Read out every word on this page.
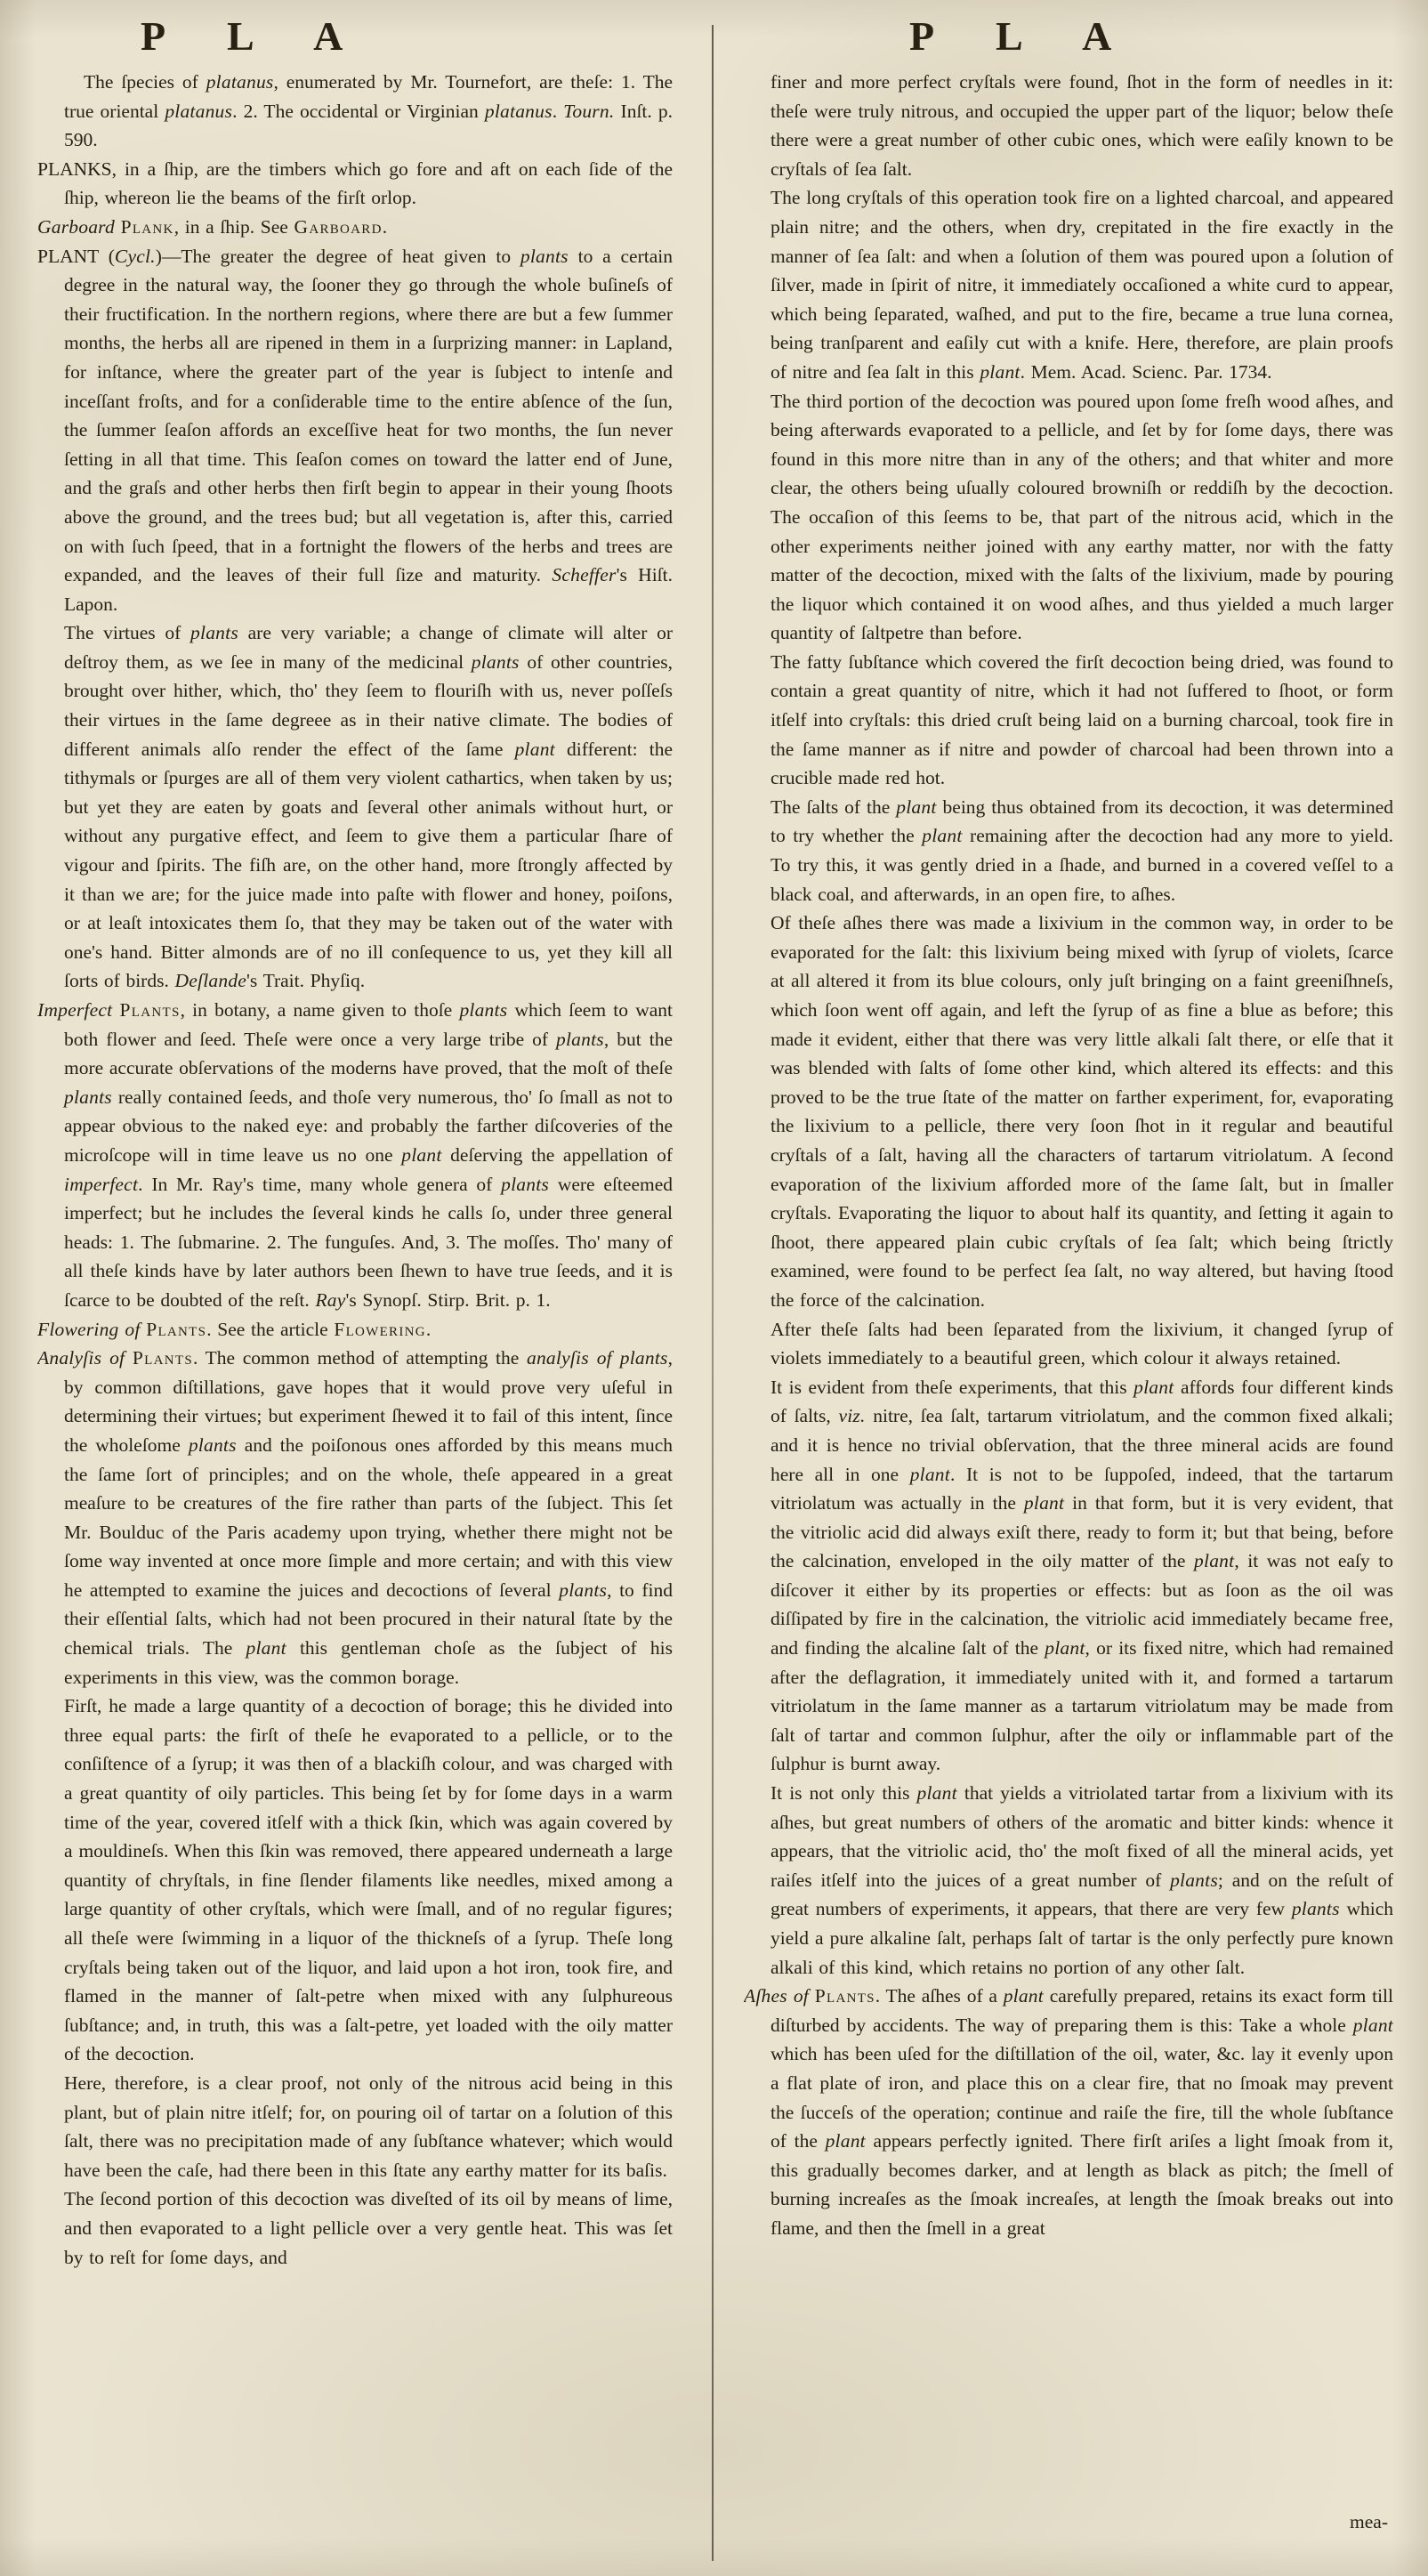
P L A	P L A

The ſpecies of platanus, enumerated by Mr. Tournefort, are theſe: 1. The true oriental platanus. 2. The occidental or Virginian platanus. Tourn. Inſt. p. 590.

PLANKS, in a ſhip, are the timbers which go fore and aft on each ſide of the ſhip, whereon lie the beams of the firſt orlop.

Garboard Plank, in a ſhip. See Garboard.

PLANT (Cycl.)—The greater the degree of heat given to plants to a certain degree in the natural way, the ſooner they go through the whole buſineſs of their fructification. In the northern regions, where there are but a few ſummer months, the herbs all are ripened in them in a ſurprizing manner: in Lapland, for inſtance, where the greater part of the year is ſubject to intenſe and inceſſant froſts, and for a conſiderable time to the entire abſence of the ſun, the ſummer ſeaſon affords an exceſſive heat for two months, the ſun never ſetting in all that time. This ſeaſon comes on toward the latter end of June, and the graſs and other herbs then firſt begin to appear in their young ſhoots above the ground, and the trees bud; but all vegetation is, after this, carried on with ſuch ſpeed, that in a fortnight the flowers of the herbs and trees are expanded, and the leaves of their full ſize and maturity. Scheffer's Hiſt. Lapon.

The virtues of plants are very variable; a change of climate will alter or deſtroy them, as we ſee in many of the medicinal plants of other countries, brought over hither, which, tho' they ſeem to flouriſh with us, never poſſeſs their virtues in the ſame degreee as in their native climate. The bodies of different animals alſo render the effect of the ſame plant different: the tithymals or ſpurges are all of them very violent cathartics, when taken by us; but yet they are eaten by goats and ſeveral other animals without hurt, or without any purgative effect, and ſeem to give them a particular ſhare of vigour and ſpirits. The fiſh are, on the other hand, more ſtrongly affected by it than we are; for the juice made into paſte with flower and honey, poiſons, or at leaſt intoxicates them ſo, that they may be taken out of the water with one's hand. Bitter almonds are of no ill conſequence to us, yet they kill all ſorts of birds. Deſlande's Trait. Phyſiq.

Imperfect Plants, in botany, a name given to thoſe plants which ſeem to want both flower and ſeed. Theſe were once a very large tribe of plants, but the more accurate obſervations of the moderns have proved, that the moſt of theſe plants really contained ſeeds, and thoſe very numerous, tho' ſo ſmall as not to appear obvious to the naked eye: and probably the farther diſcoveries of the microſcope will in time leave us no one plant deſerving the appellation of imperfect. In Mr. Ray's time, many whole genera of plants were eſteemed imperfect; but he includes the ſeveral kinds he calls ſo, under three general heads: 1. The ſubmarine. 2. The funguſes. And, 3. The moſſes. Tho' many of all theſe kinds have by later authors been ſhewn to have true ſeeds, and it is ſcarce to be doubted of the reſt. Ray's Synopſ. Stirp. Brit. p. 1.

Flowering of Plants. See the article Flowering.

Analyſis of Plants. The common method of attempting the analyſis of plants, by common diſtillations, gave hopes that it would prove very uſeful in determining their virtues; but experiment ſhewed it to fail of this intent, ſince the wholeſome plants and the poiſonous ones afforded by this means much the ſame ſort of principles; and on the whole, theſe appeared in a great meaſure to be creatures of the fire rather than parts of the ſubject. This ſet Mr. Boulduc of the Paris academy upon trying, whether there might not be ſome way invented at once more ſimple and more certain; and with this view he attempted to examine the juices and decoctions of ſeveral plants, to find their eſſential ſalts, which had not been procured in their natural ſtate by the chemical trials. The plant this gentleman choſe as the ſubject of his experiments in this view, was the common borage.

Firſt, he made a large quantity of a decoction of borage; this he divided into three equal parts: the firſt of theſe he evaporated to a pellicle, or to the conſiſtence of a ſyrup; it was then of a blackiſh colour, and was charged with a great quantity of oily particles. This being ſet by for ſome days in a warm time of the year, covered itſelf with a thick ſkin, which was again covered by a mouldineſs. When this ſkin was removed, there appeared underneath a large quantity of chryſtals, in fine ſlender filaments like needles, mixed among a large quantity of other cryſtals, which were ſmall, and of no regular figures; all theſe were ſwimming in a liquor of the thickneſs of a ſyrup. Theſe long cryſtals being taken out of the liquor, and laid upon a hot iron, took fire, and flamed in the manner of ſalt-petre when mixed with any ſulphureous ſubſtance; and, in truth, this was a ſalt-petre, yet loaded with the oily matter of the decoction.

Here, therefore, is a clear proof, not only of the nitrous acid being in this plant, but of plain nitre itſelf; for, on pouring oil of tartar on a ſolution of this ſalt, there was no precipitation made of any ſubſtance whatever; which would have been the caſe, had there been in this ſtate any earthy matter for its baſis.

The ſecond portion of this decoction was diveſted of its oil by means of lime, and then evaporated to a light pellicle over a very gentle heat. This was ſet by to reſt for ſome days, and

finer and more perfect cryſtals were found, ſhot in the form of needles in it: theſe were truly nitrous, and occupied the upper part of the liquor; below theſe there were a great number of other cubic ones, which were eaſily known to be cryſtals of ſea ſalt.

The long cryſtals of this operation took fire on a lighted charcoal, and appeared plain nitre; and the others, when dry, crepitated in the fire exactly in the manner of ſea ſalt: and when a ſolution of them was poured upon a ſolution of ſilver, made in ſpirit of nitre, it immediately occaſioned a white curd to appear, which being ſeparated, waſhed, and put to the fire, became a true luna cornea, being tranſparent and eaſily cut with a knife. Here, therefore, are plain proofs of nitre and ſea ſalt in this plant. Mem. Acad. Scienc. Par. 1734.

The third portion of the decoction was poured upon ſome freſh wood aſhes, and being afterwards evaporated to a pellicle, and ſet by for ſome days, there was found in this more nitre than in any of the others; and that whiter and more clear, the others being uſually coloured browniſh or reddiſh by the decoction. The occaſion of this ſeems to be, that part of the nitrous acid, which in the other experiments neither joined with any earthy matter, nor with the fatty matter of the decoction, mixed with the ſalts of the lixivium, made by pouring the liquor which contained it on wood aſhes, and thus yielded a much larger quantity of ſaltpetre than before.

The fatty ſubſtance which covered the firſt decoction being dried, was found to contain a great quantity of nitre, which it had not ſuffered to ſhoot, or form itſelf into cryſtals: this dried cruſt being laid on a burning charcoal, took fire in the ſame manner as if nitre and powder of charcoal had been thrown into a crucible made red hot.

The ſalts of the plant being thus obtained from its decoction, it was determined to try whether the plant remaining after the decoction had any more to yield. To try this, it was gently dried in a ſhade, and burned in a covered veſſel to a black coal, and afterwards, in an open fire, to aſhes.

Of theſe aſhes there was made a lixivium in the common way, in order to be evaporated for the ſalt: this lixivium being mixed with ſyrup of violets, ſcarce at all altered it from its blue colours, only juſt bringing on a faint greeniſhneſs, which ſoon went off again, and left the ſyrup of as fine a blue as before; this made it evident, either that there was very little alkali ſalt there, or elſe that it was blended with ſalts of ſome other kind, which altered its effects: and this proved to be the true ſtate of the matter on farther experiment, for, evaporating the lixivium to a pellicle, there very ſoon ſhot in it regular and beautiful cryſtals of a ſalt, having all the characters of tartarum vitriolatum. A ſecond evaporation of the lixivium afforded more of the ſame ſalt, but in ſmaller cryſtals. Evaporating the liquor to about half its quantity, and ſetting it again to ſhoot, there appeared plain cubic cryſtals of ſea ſalt; which being ſtrictly examined, were found to be perfect ſea ſalt, no way altered, but having ſtood the force of the calcination.

After theſe ſalts had been ſeparated from the lixivium, it changed ſyrup of violets immediately to a beautiful green, which colour it always retained.

It is evident from theſe experiments, that this plant affords four different kinds of ſalts, viz. nitre, ſea ſalt, tartarum vitriolatum, and the common fixed alkali; and it is hence no trivial obſervation, that the three mineral acids are found here all in one plant. It is not to be ſuppoſed, indeed, that the tartarum vitriolatum was actually in the plant in that form, but it is very evident, that the vitriolic acid did always exiſt there, ready to form it; but that being, before the calcination, enveloped in the oily matter of the plant, it was not eaſy to diſcover it either by its properties or effects: but as ſoon as the oil was diſſipated by fire in the calcination, the vitriolic acid immediately became free, and finding the alcaline ſalt of the plant, or its fixed nitre, which had remained after the deflagration, it immediately united with it, and formed a tartarum vitriolatum in the ſame manner as a tartarum vitriolatum may be made from ſalt of tartar and common ſulphur, after the oily or inflammable part of the ſulphur is burnt away.

It is not only this plant that yields a vitriolated tartar from a lixivium with its aſhes, but great numbers of others of the aromatic and bitter kinds: whence it appears, that the vitriolic acid, tho' the moſt fixed of all the mineral acids, yet raiſes itſelf into the juices of a great number of plants; and on the reſult of great numbers of experiments, it appears, that there are very few plants which yield a pure alkaline ſalt, perhaps ſalt of tartar is the only perfectly pure known alkali of this kind, which retains no portion of any other ſalt.

Aſhes of Plants. The aſhes of a plant carefully prepared, retains its exact form till diſturbed by accidents. The way of preparing them is this: Take a whole plant which has been uſed for the diſtillation of the oil, water, &c. lay it evenly upon a flat plate of iron, and place this on a clear fire, that no ſmoak may prevent the ſucceſs of the operation; continue and raiſe the fire, till the whole ſubſtance of the plant appears perfectly ignited. There firſt ariſes a light ſmoak from it, this gradually becomes darker, and at length as black as pitch; the ſmell of burning increaſes as the ſmoak increaſes, at length the ſmoak breaks out into flame, and then the ſmell in a great

mea-
